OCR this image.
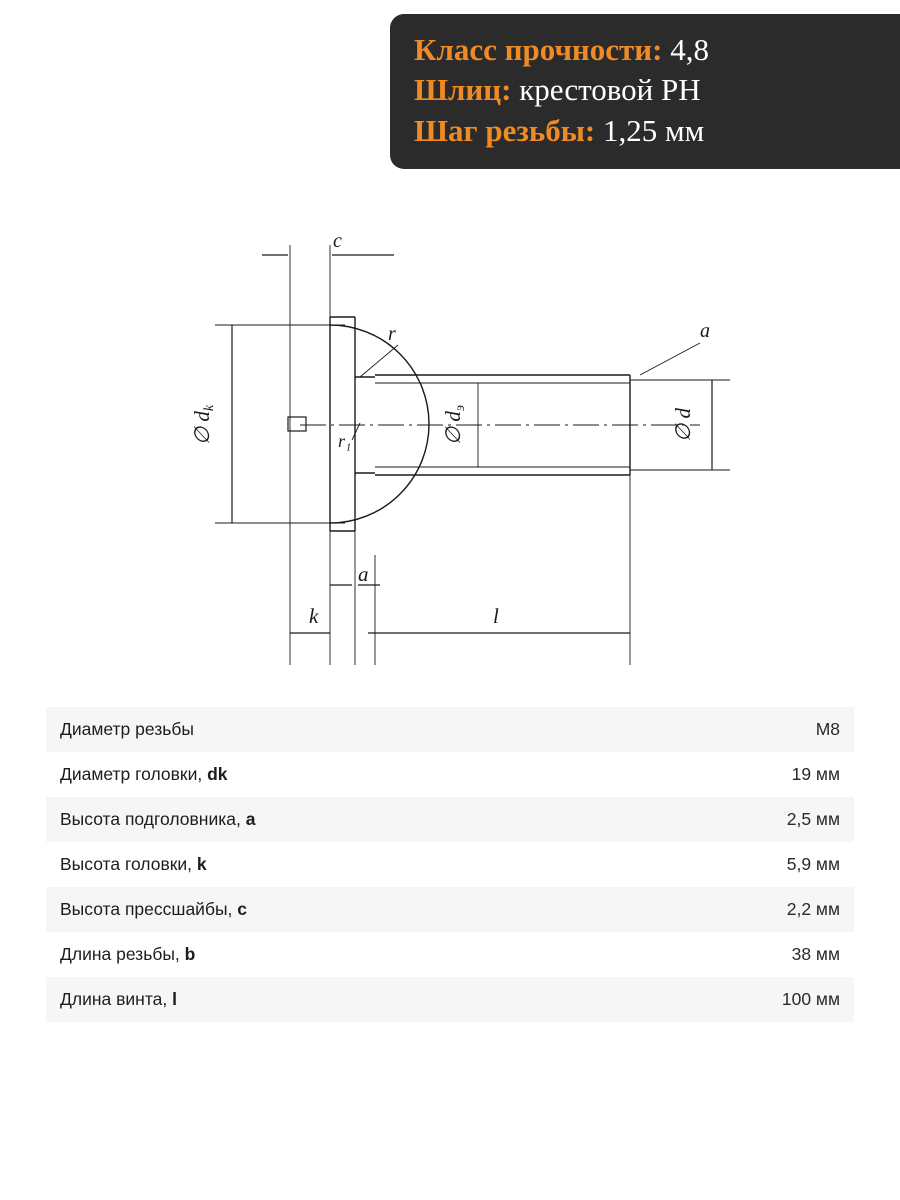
Класс прочности: 4,8
Шлиц: крестовой PH
Шаг резьбы: 1,25 мм
c
r
r₁
a
a
k	l
∅ dk
∅ dэ	∅ d
Диаметр резьбы	M8
Диаметр головки, dk	19 мм
Высота подголовника, a	2,5 мм
Высота головки, k	5,9 мм
Высота прессшайбы, c	2,2 мм
Длина резьбы, b	38 мм
Длина винта, l	100 мм
